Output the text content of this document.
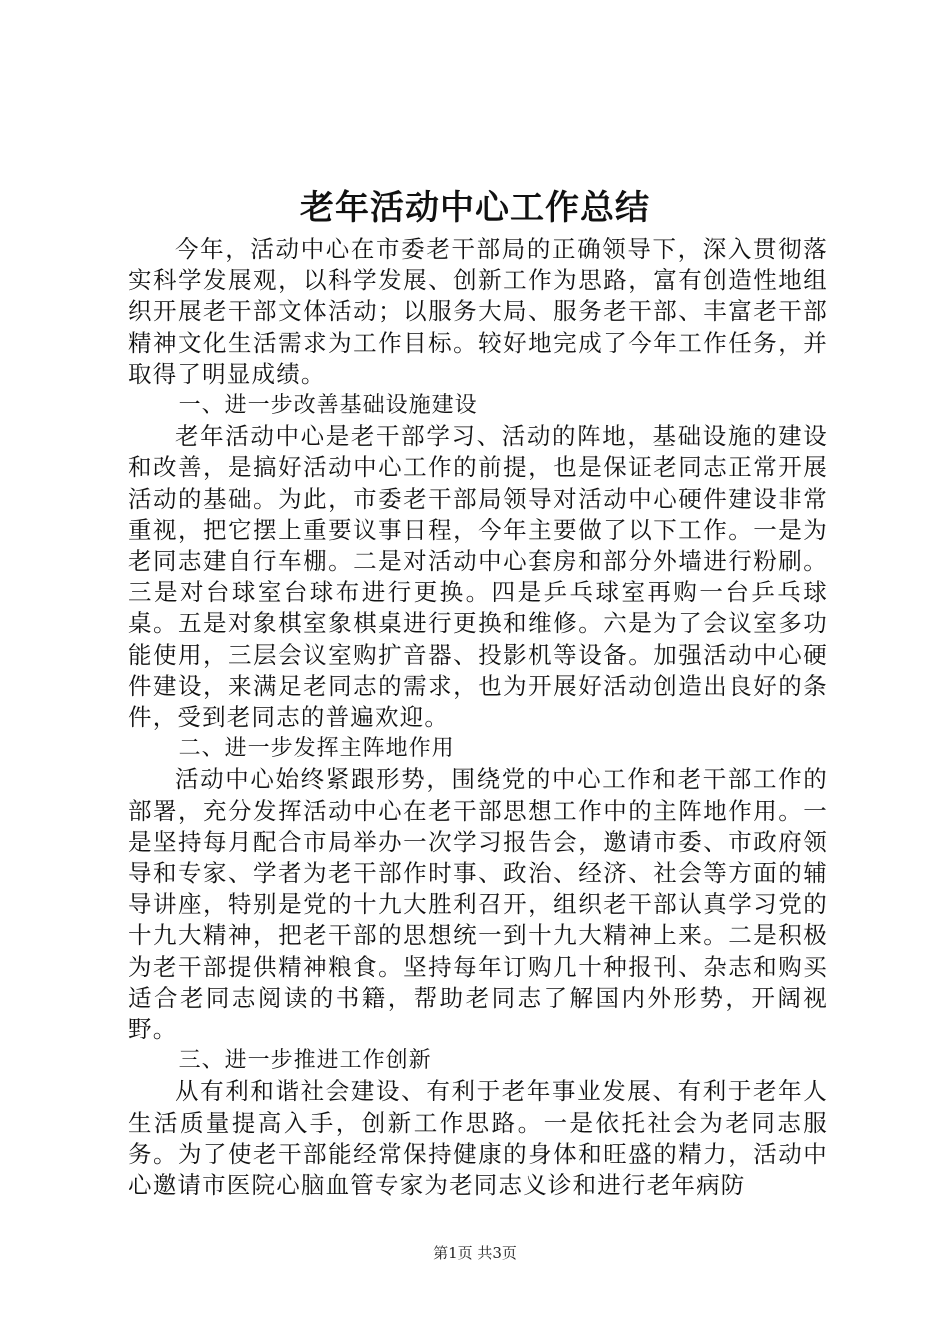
老年活动中心工作总结

今年，活动中心在市委老干部局的正确领导下，深入贯彻落实科学发展观，以科学发展、创新工作为思路，富有创造性地组织开展老干部文体活动；以服务大局、服务老干部、丰富老干部精神文化生活需求为工作目标。较好地完成了今年工作任务，并取得了明显成绩。

一、进一步改善基础设施建设

老年活动中心是老干部学习、活动的阵地，基础设施的建设和改善，是搞好活动中心工作的前提，也是保证老同志正常开展活动的基础。为此，市委老干部局领导对活动中心硬件建设非常重视，把它摆上重要议事日程，今年主要做了以下工作。一是为老同志建自行车棚。二是对活动中心套房和部分外墙进行粉刷。三是对台球室台球布进行更换。四是乒乓球室再购一台乒乓球桌。五是对象棋室象棋桌进行更换和维修。六是为了会议室多功能使用，三层会议室购扩音器、投影机等设备。加强活动中心硬件建设，来满足老同志的需求，也为开展好活动创造出良好的条件，受到老同志的普遍欢迎。

二、进一步发挥主阵地作用

活动中心始终紧跟形势，围绕党的中心工作和老干部工作的部署，充分发挥活动中心在老干部思想工作中的主阵地作用。一是坚持每月配合市局举办一次学习报告会，邀请市委、市政府领导和专家、学者为老干部作时事、政治、经济、社会等方面的辅导讲座，特别是党的十九大胜利召开，组织老干部认真学习党的十九大精神，把老干部的思想统一到十九大精神上来。二是积极为老干部提供精神粮食。坚持每年订购几十种报刊、杂志和购买适合老同志阅读的书籍，帮助老同志了解国内外形势，开阔视野。

三、进一步推进工作创新

从有利和谐社会建设、有利于老年事业发展、有利于老年人生活质量提高入手，创新工作思路。一是依托社会为老同志服务。为了使老干部能经常保持健康的身体和旺盛的精力，活动中心邀请市医院心脑血管专家为老同志义诊和进行老年病防

第1页 共3页
